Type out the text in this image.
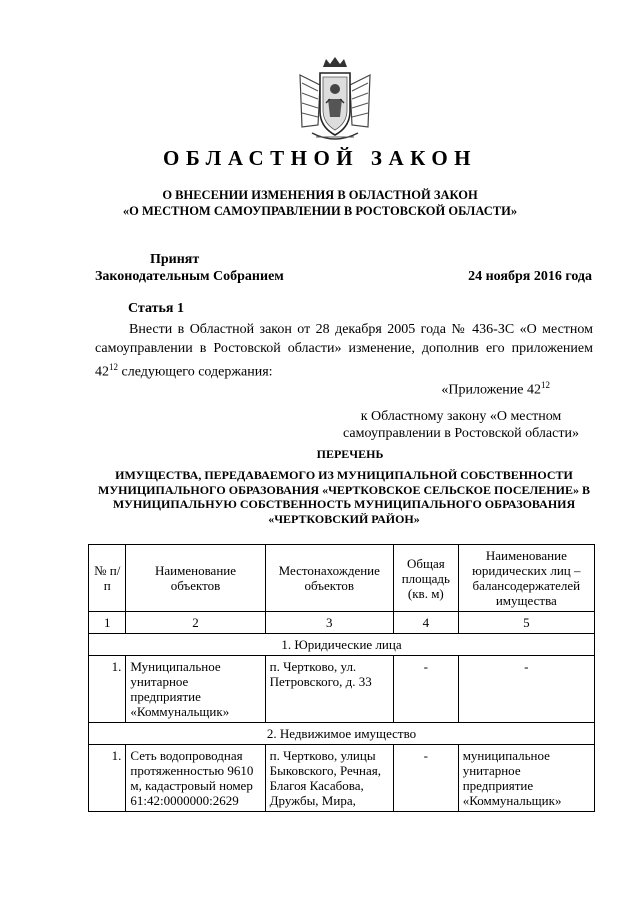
ОБЛАСТНОЙ ЗАКОН
О ВНЕСЕНИИ ИЗМЕНЕНИЯ В ОБЛАСТНОЙ ЗАКОН
«О МЕСТНОМ САМОУПРАВЛЕНИИ В РОСТОВСКОЙ ОБЛАСТИ»
Принят
Законодательным Собранием	24 ноября 2016 года
Статья 1
Внести в Областной закон от 28 декабря 2005 года № 436-ЗС «О местном самоуправлении в Ростовской области» изменение, дополнив его приложением $42^{12}$ следующего содержания:
«Приложение $42^{12}$
к Областному закону «О местном самоуправлении в Ростовской области»
ПЕРЕЧЕНЬ
ИМУЩЕСТВА, ПЕРЕДАВАЕМОГО ИЗ МУНИЦИПАЛЬНОЙ СОБСТВЕННОСТИ МУНИЦИПАЛЬНОГО ОБРАЗОВАНИЯ «ЧЕРТКОВСКОЕ СЕЛЬСКОЕ ПОСЕЛЕНИЕ» В МУНИЦИПАЛЬНУЮ СОБСТВЕННОСТЬ МУНИЦИПАЛЬНОГО ОБРАЗОВАНИЯ «ЧЕРТКОВСКИЙ РАЙОН»
№ п/п	Наименование объектов	Местонахождение объектов	Общая площадь (кв. м)	Наименование юридических лиц – балансодержателей имущества
1	2	3	4	5
1. Юридические лица				
1.	Муниципальное унитарное предприятие «Коммунальщик»	п. Чертково, ул. Петровского, д. 33	-	-
2. Недвижимое имущество				
1.	Сеть водопроводная протяженностью 9610 м, кадастровый номер 61:42:0000000:2629	п. Чертково, улицы Быковского, Речная, Благоя Касабова, Дружбы, Мира,	-	муниципальное унитарное предприятие «Коммунальщик»
